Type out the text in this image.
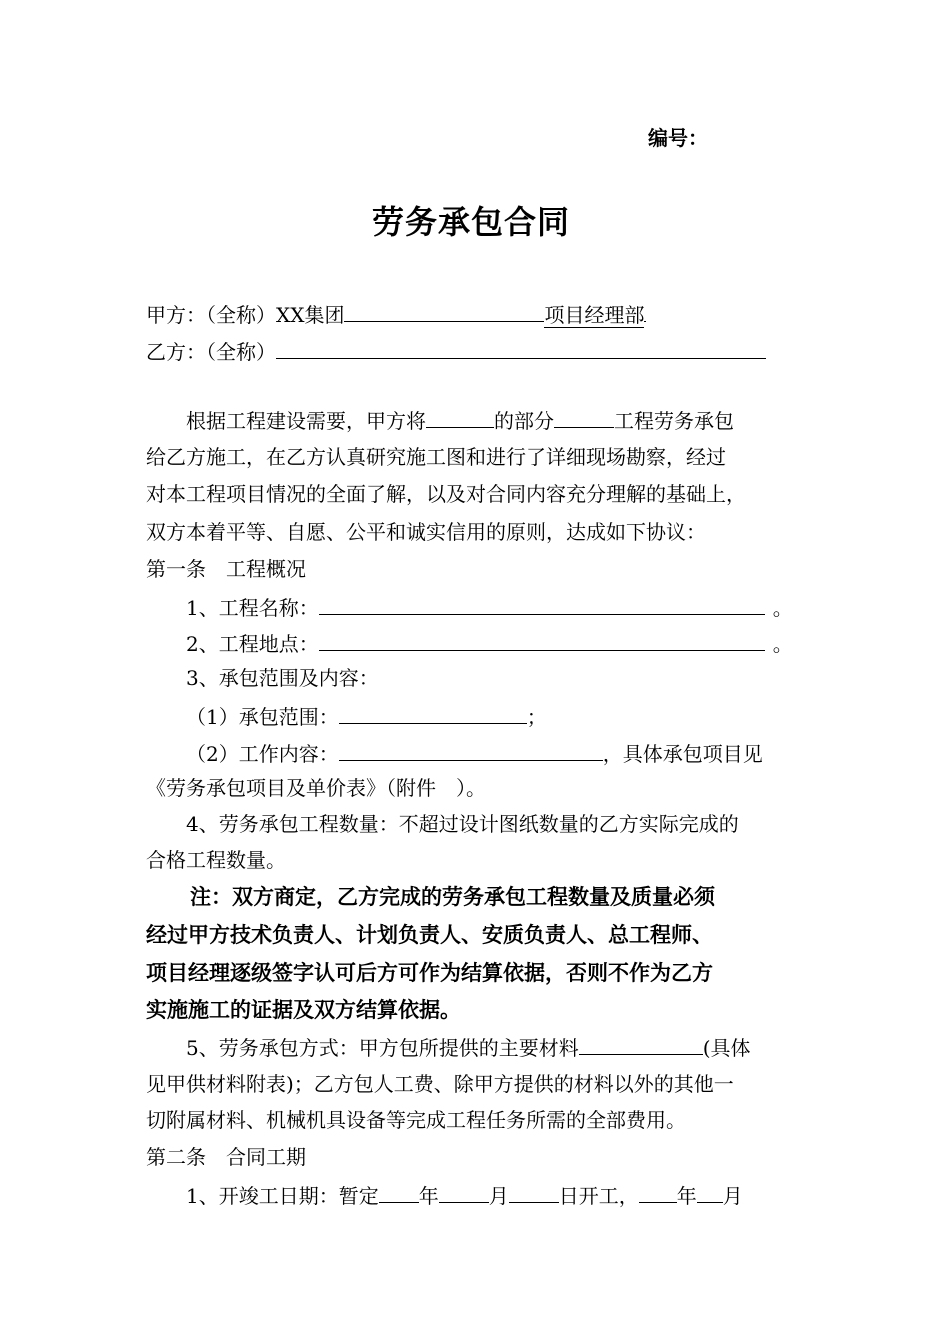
编号：
劳务承包合同
甲方：（全称）XX集团	项目经理部
乙方：（全称）
根据工程建设需要，甲方将	的部分	工程劳务承包
给乙方施工，在乙方认真研究施工图和进行了详细现场勘察，经过
对本工程项目情况的全面了解，以及对合同内容充分理解的基础上，
双方本着平等、自愿、公平和诚实信用的原则，达成如下协议：
第一条　工程概况
1、工程名称：	。
2、工程地点：	。
3、承包范围及内容：
（1）承包范围：	；
（2）工作内容：	，具体承包项目见
《劳务承包项目及单价表》（附件　）。
4、劳务承包工程数量：不超过设计图纸数量的乙方实际完成的
合格工程数量。
注：双方商定，乙方完成的劳务承包工程数量及质量必须
经过甲方技术负责人、计划负责人、安质负责人、总工程师、
项目经理逐级签字认可后方可作为结算依据，否则不作为乙方
实施施工的证据及双方结算依据。
5、劳务承包方式：甲方包所提供的主要材料	(具体
见甲供材料附表)；乙方包人工费、除甲方提供的材料以外的其他一
切附属材料、机械机具设备等完成工程任务所需的全部费用。
第二条　合同工期
1、开竣工日期：暂定 年	月	日开工， 年 月
